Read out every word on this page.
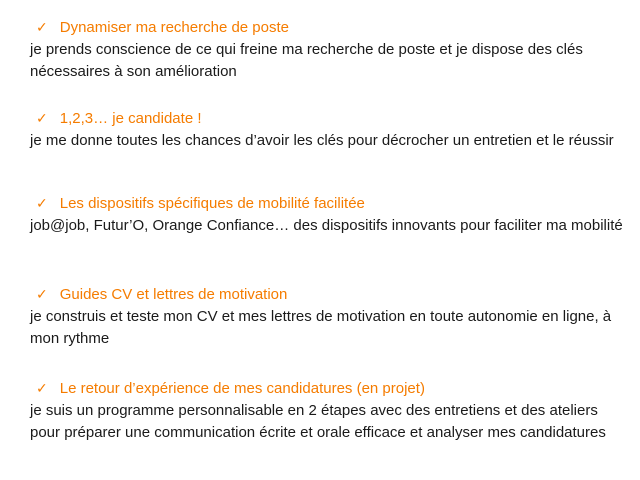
✓ Dynamiser ma recherche de poste
je prends conscience de ce qui freine ma recherche de poste et je dispose des clés nécessaires à son amélioration
✓ 1,2,3… je candidate !
je me donne toutes les chances d’avoir les clés pour décrocher un entretien et le réussir
✓ Les dispositifs spécifiques de mobilité facilitée
job@job, Futur’O, Orange Confiance… des dispositifs innovants pour faciliter ma mobilité
✓ Guides CV et lettres de motivation
je construis et teste mon CV et mes lettres de motivation en toute autonomie en ligne, à mon rythme
✓ Le retour d’expérience de mes candidatures (en projet)
je suis un programme personnalisable en 2 étapes avec des entretiens et des ateliers pour préparer une communication écrite et orale efficace et analyser mes candidatures
